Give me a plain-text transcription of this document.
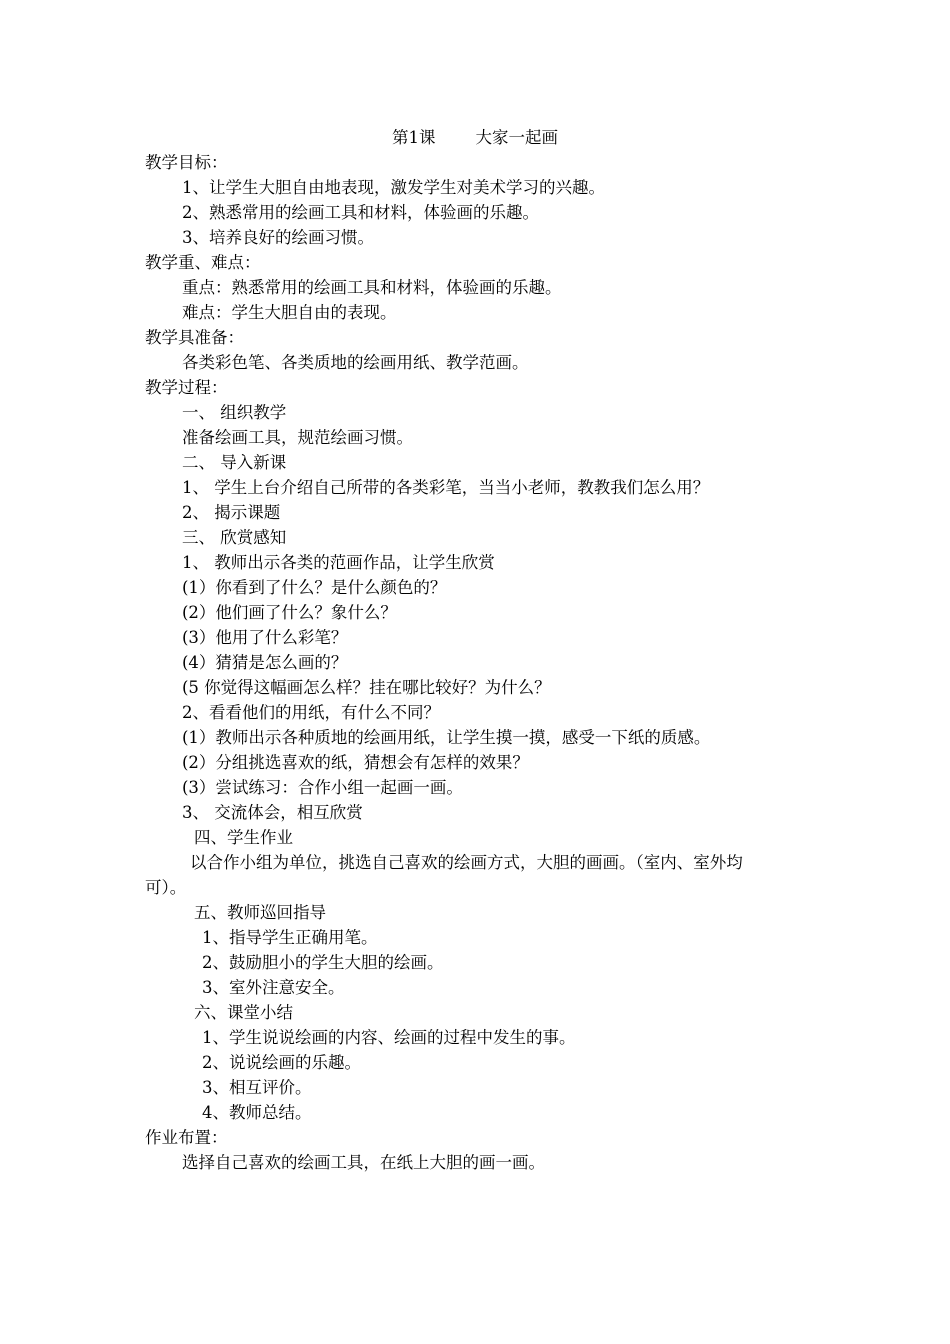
第1课 大家一起画

教学目标：

1、让学生大胆自由地表现，激发学生对美术学习的兴趣。

2、熟悉常用的绘画工具和材料，体验画的乐趣。

3、培养良好的绘画习惯。

教学重、难点：

重点：熟悉常用的绘画工具和材料，体验画的乐趣。

难点：学生大胆自由的表现。

教学具准备：

各类彩色笔、各类质地的绘画用纸、教学范画。

教学过程：

一、 组织教学

准备绘画工具，规范绘画习惯。

二、 导入新课

1、 学生上台介绍自己所带的各类彩笔，当当小老师，教教我们怎么用？

2、 揭示课题

三、 欣赏感知

1、 教师出示各类的范画作品，让学生欣赏

(1）你看到了什么？是什么颜色的？

(2）他们画了什么？象什么？

(3）他用了什么彩笔？

(4）猜猜是怎么画的？

(5 你觉得这幅画怎么样？挂在哪比较好？为什么？

2、看看他们的用纸，有什么不同？

(1）教师出示各种质地的绘画用纸，让学生摸一摸，感受一下纸的质感。

(2）分组挑选喜欢的纸，猜想会有怎样的效果？

(3）尝试练习：合作小组一起画一画。

3、 交流体会，相互欣赏

四、学生作业

以合作小组为单位，挑选自己喜欢的绘画方式，大胆的画画。（室内、室外均

可）。

五、教师巡回指导

1、指导学生正确用笔。

2、鼓励胆小的学生大胆的绘画。

3、室外注意安全。

六、课堂小结

1、学生说说绘画的内容、绘画的过程中发生的事。

2、说说绘画的乐趣。

3、相互评价。

4、教师总结。

作业布置：

选择自己喜欢的绘画工具，在纸上大胆的画一画。
